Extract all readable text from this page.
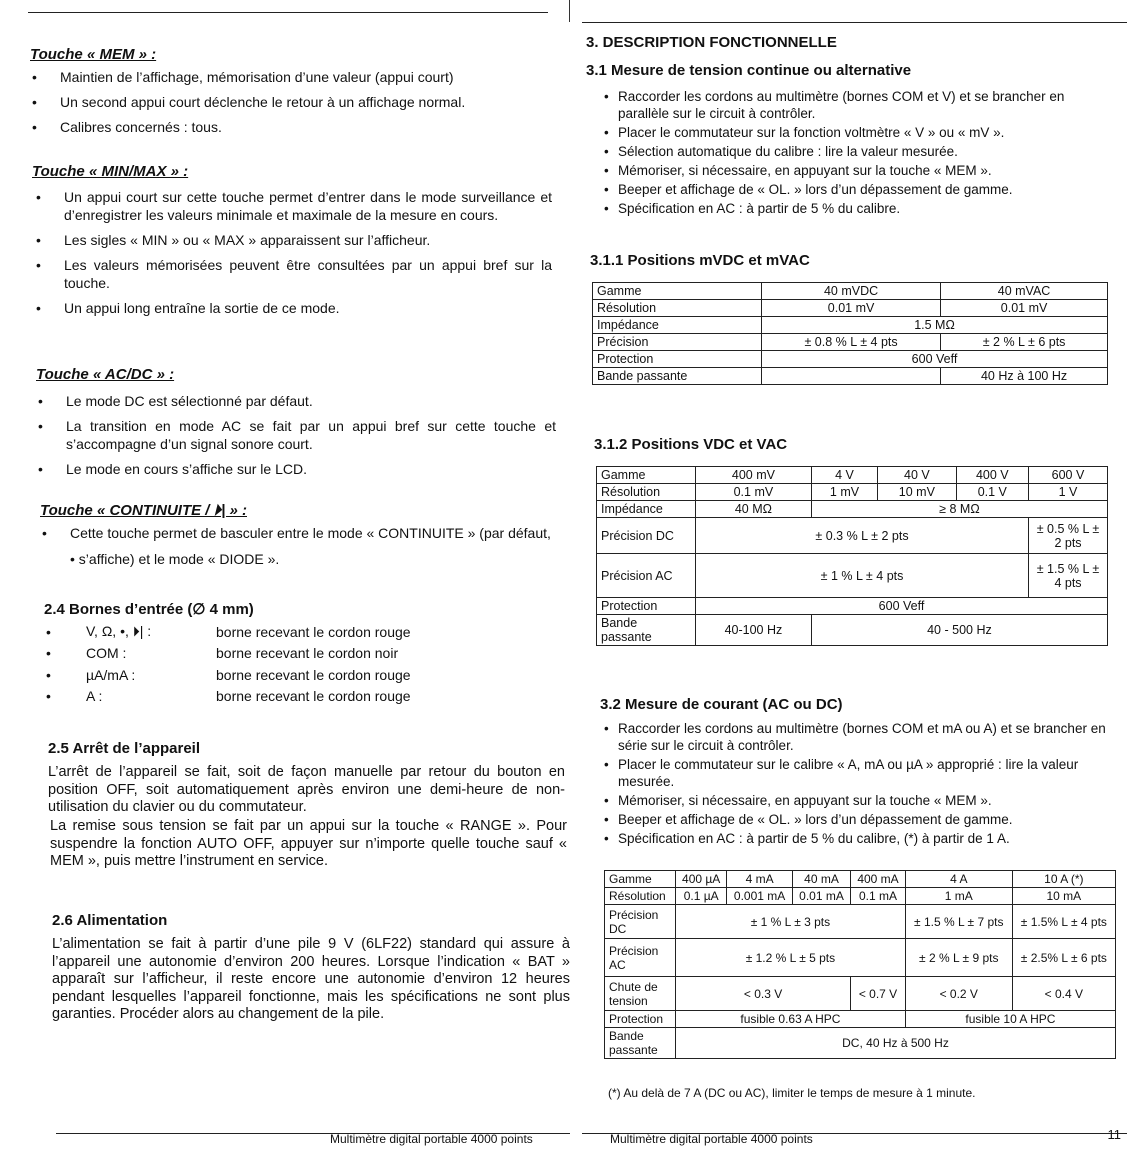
Touche « MEM » :
• Maintien de l’affichage, mémorisation d’une valeur (appui court)
• Un second appui court déclenche le retour à un affichage normal.
• Calibres concernés : tous.
Touche « MIN/MAX » :
• Un appui court sur cette touche permet d’entrer dans le mode surveillance et d’enregistrer les valeurs minimale et maximale de la mesure en cours.
• Les sigles « MIN » ou « MAX » apparaissent sur l’afficheur.
• Les valeurs mémorisées peuvent être consultées par un appui bref sur la touche.
• Un appui long entraîne la sortie de ce mode.
Touche « AC/DC » :
• Le mode DC est sélectionné par défaut.
• La transition en mode AC se fait par un appui bref sur cette touche et s’accompagne d’un signal sonore court.
• Le mode en cours s’affiche sur le LCD.
Touche « CONTINUITE / ⏵| » :
• Cette touche permet de basculer entre le mode « CONTINUITE » (par défaut, • s’affiche) et le mode « DIODE ».
2.4 Bornes d’entrée (∅ 4 mm)
•	V, Ω, •, ⏵| :	borne recevant le cordon rouge
•	COM :	borne recevant le cordon noir
•	µA/mA :	borne recevant le cordon rouge
•	A :	borne recevant le cordon rouge
2.5 Arrêt de l’appareil

L’arrêt de l’appareil se fait, soit de façon manuelle par retour du bouton en position OFF, soit automatiquement après environ une demi-heure de non-utilisation du clavier ou du commutateur.

La remise sous tension se fait par un appui sur la touche « RANGE ». Pour suspendre la fonction AUTO OFF, appuyer sur n’importe quelle touche sauf « MEM », puis mettre l’instrument en service.

2.6 Alimentation

L’alimentation se fait à partir d’une pile 9 V (6LF22) standard qui assure à l’appareil une autonomie d’environ 200 heures. Lorsque l’indication « BAT » apparaît sur l’afficheur, il reste encore une autonomie d’environ 12 heures pendant lesquelles l’appareil fonctionne, mais les spécifications ne sont plus garanties. Procéder alors au changement de la pile.

Multimètre digital portable 4000 points
3. DESCRIPTION FONCTIONNELLE
3.1 Mesure de tension continue ou alternative
• Raccorder les cordons au multimètre (bornes COM et V) et se brancher en parallèle sur le circuit à contrôler.
• Placer le commutateur sur la fonction voltmètre « V » ou « mV ».
• Sélection automatique du calibre : lire la valeur mesurée.
• Mémoriser, si nécessaire, en appuyant sur la touche « MEM ».
• Beeper et affichage de « OL. » lors d’un dépassement de gamme.
• Spécification en AC : à partir de 5 % du calibre.
3.1.1 Positions mVDC et mVAC
Gamme	40 mVDC	40 mVAC
Résolution	0.01 mV	0.01 mV
Impédance	1.5 MΩ	
Précision	± 0.8 % L ± 4 pts	± 2 % L ± 6 pts
Protection	600 Veff	
Bande passante		40 Hz à 100 Hz
3.1.2 Positions VDC et VAC
Gamme	400 mV	4 V	40 V	400 V	600 V
Résolution	0.1 mV	1 mV	10 mV	0.1 V	1 V
Impédance	40 MΩ	≥ 8 MΩ			
Précision DC	± 0.3 % L ± 2 pts				± 0.5 % L ± 2 pts
Précision AC	± 1 % L ± 4 pts				± 1.5 % L ± 4 pts
Protection	600 Veff				
Bande passante	40-100 Hz	40 - 500 Hz			
3.2 Mesure de courant (AC ou DC)
• Raccorder les cordons au multimètre (bornes COM et mA ou A) et se brancher en série sur le circuit à contrôler.
• Placer le commutateur sur le calibre « A, mA ou µA » approprié : lire la valeur mesurée.
• Mémoriser, si nécessaire, en appuyant sur la touche « MEM ».
• Beeper et affichage de « OL. » lors d’un dépassement de gamme.
• Spécification en AC : à partir de 5 % du calibre, (*) à partir de 1 A.
Gamme	400 µA	4 mA	40 mA	400 mA	4 A	10 A (*)
Résolution	0.1 µA	0.001 mA	0.01 mA	0.1 mA	1 mA	10 mA
Précision DC	± 1 % L ± 3 pts				± 1.5 % L ± 7 pts	± 1.5% L ± 4 pts
Précision AC	± 1.2 % L ± 5 pts				± 2 % L ± 9 pts	± 2.5% L ± 6 pts
Chute de tension	< 0.3 V			< 0.7 V	< 0.2 V	< 0.4 V
Protection	fusible 0.63 A HPC				fusible 10 A HPC	
Bande passante	DC, 40 Hz à 500 Hz					
(*) Au delà de 7 A (DC ou AC), limiter le temps de mesure à 1 minute.
Multimètre digital portable 4000 points	11
